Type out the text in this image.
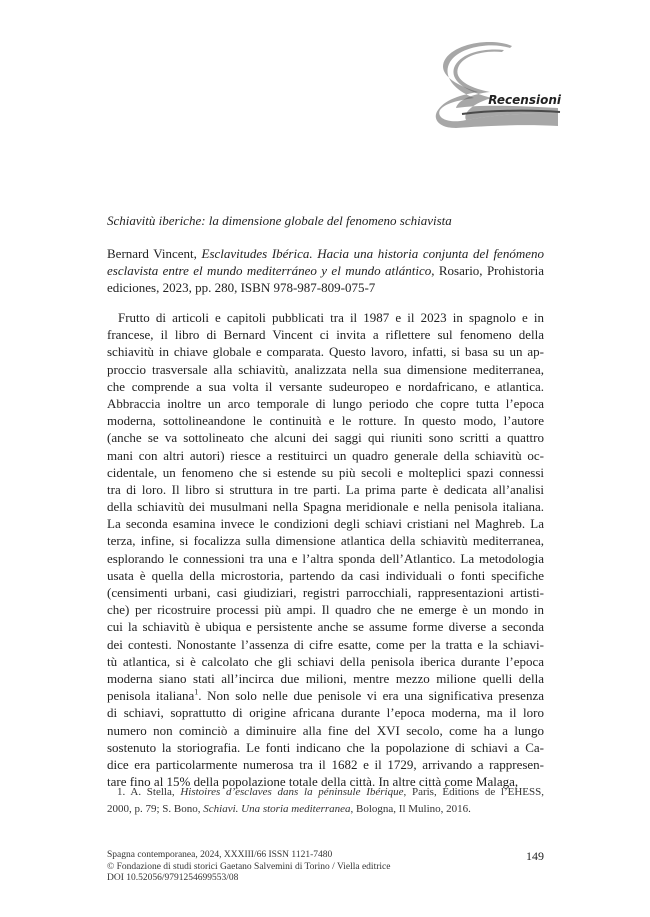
Recensioni
Schiavitù iberiche: la dimensione globale del fenomeno schiavista
Bernard Vincent, Esclavitudes Ibérica. Hacia una historia conjunta del fenómeno
esclavista entre el mundo mediterráneo y el mundo atlántico, Rosario, Prohistoria
ediciones, 2023, pp. 280, ISBN 978-987-809-075-7
Frutto di articoli e capitoli pubblicati tra il 1987 e il 2023 in spagnolo e in
francese, il libro di Bernard Vincent ci invita a riflettere sul fenomeno della
schiavitù in chiave globale e comparata. Questo lavoro, infatti, si basa su un ap-
proccio trasversale alla schiavitù, analizzata nella sua dimensione mediterranea,
che comprende a sua volta il versante sudeuropeo e nordafricano, e atlantica.
Abbraccia inoltre un arco temporale di lungo periodo che copre tutta l’epoca
moderna, sottolineandone le continuità e le rotture. In questo modo, l’autore
(anche se va sottolineato che alcuni dei saggi qui riuniti sono scritti a quattro
mani con altri autori) riesce a restituirci un quadro generale della schiavitù oc-
cidentale, un fenomeno che si estende su più secoli e molteplici spazi connessi
tra di loro. Il libro si struttura in tre parti. La prima parte è dedicata all’analisi
della schiavitù dei musulmani nella Spagna meridionale e nella penisola italiana.
La seconda esamina invece le condizioni degli schiavi cristiani nel Maghreb. La
terza, infine, si focalizza sulla dimensione atlantica della schiavitù mediterranea,
esplorando le connessioni tra una e l’altra sponda dell’Atlantico. La metodologia
usata è quella della microstoria, partendo da casi individuali o fonti specifiche
(censimenti urbani, casi giudiziari, registri parrocchiali, rappresentazioni artisti-
che) per ricostruire processi più ampi. Il quadro che ne emerge è un mondo in
cui la schiavitù è ubiqua e persistente anche se assume forme diverse a seconda
dei contesti. Nonostante l’assenza di cifre esatte, come per la tratta e la schiavi-
tù atlantica, si è calcolato che gli schiavi della penisola iberica durante l’epoca
moderna siano stati all’incirca due milioni, mentre mezzo milione quelli della
penisola italiana$^1$. Non solo nelle due penisole vi era una significativa presenza
di schiavi, soprattutto di origine africana durante l’epoca moderna, ma il loro
numero non cominciò a diminuire alla fine del XVI secolo, come ha a lungo
sostenuto la storiografia. Le fonti indicano che la popolazione di schiavi a Ca-
dice era particolarmente numerosa tra il 1682 e il 1729, arrivando a rappresen-
tare fino al 15% della popolazione totale della città. In altre città come Malaga,
1. A. Stella, Histoires d’esclaves dans la péninsule Ibérique, Paris, Éditions de l’EHESS,
2000, p. 79; S. Bono, Schiavi. Una storia mediterranea, Bologna, Il Mulino, 2016.
Spagna contemporanea, 2024, XXXIII/66 ISSN 1121-7480
© Fondazione di studi storici Gaetano Salvemini di Torino / Viella editrice
DOI 10.52056/9791254699553/08
149
